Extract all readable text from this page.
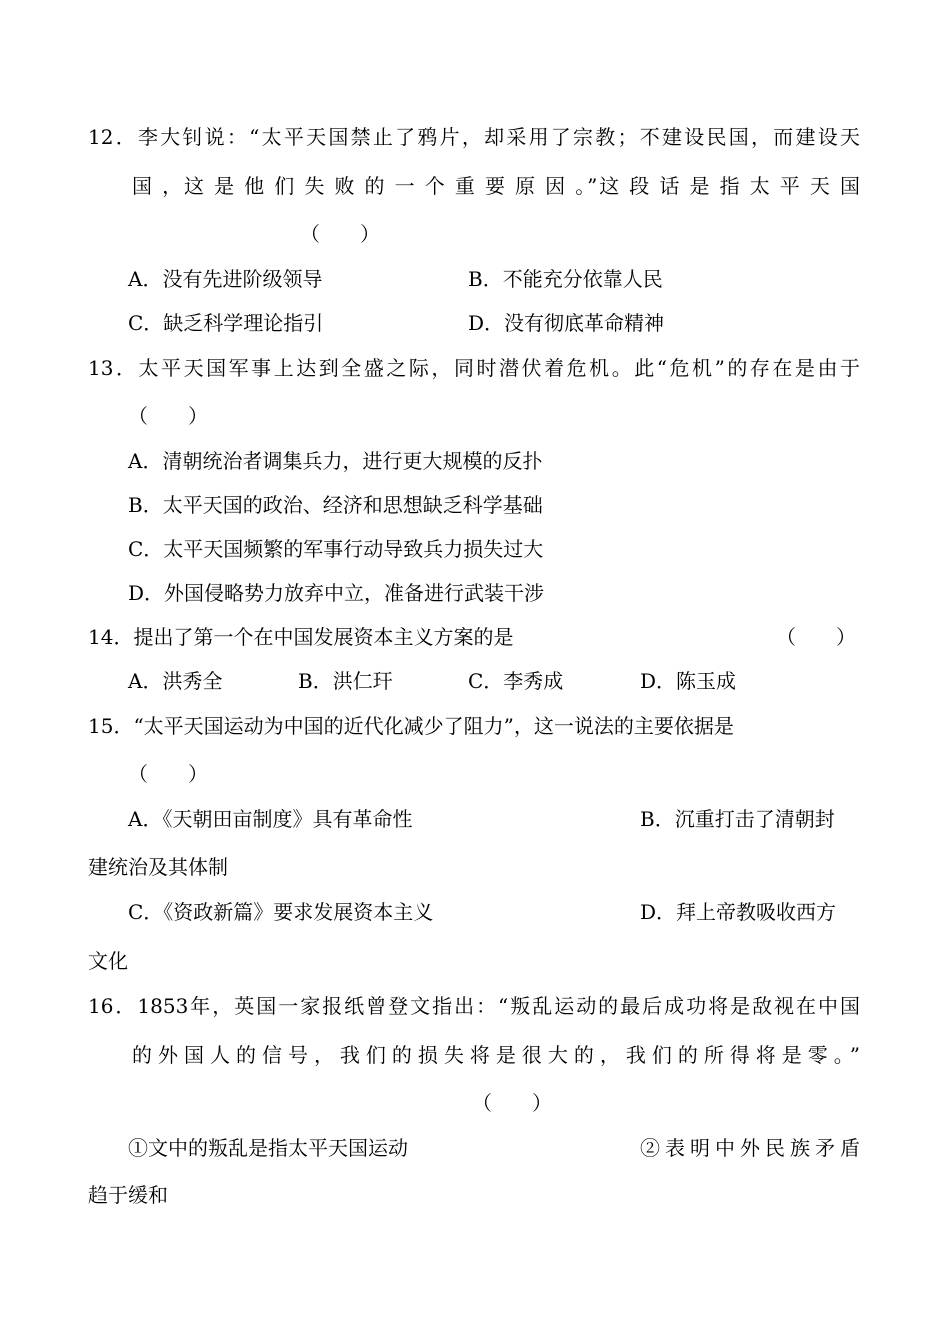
12．李大钊说：“太平天国禁止了鸦片，却采用了宗教；不建设民国，而建设天
国 ，这 是 他 们 失 败 的 一 个 重 要 原 因 。”这 段 话 是 指 太 平 天 国
（　　）
A．没有先进阶级领导	B．不能充分依靠人民
C．缺乏科学理论指引	D．没有彻底革命精神
13．太平天国军事上达到全盛之际，同时潜伏着危机。此“危机”的存在是由于
（　　）
A．清朝统治者调集兵力，进行更大规模的反扑
B．太平天国的政治、经济和思想缺乏科学基础
C．太平天国频繁的军事行动导致兵力损失过大
D．外国侵略势力放弃中立，准备进行武装干涉
14．提出了第一个在中国发展资本主义方案的是	（　　）
A．洪秀全	B．洪仁玕	C．李秀成	D．陈玉成
15．“太平天国运动为中国的近代化减少了阻力”，这一说法的主要依据是
（　　）
A．《天朝田亩制度》具有革命性	B．沉重打击了清朝封
建统治及其体制
C．《资政新篇》要求发展资本主义	D．拜上帝教吸收西方
文化
16．1853年，英国一家报纸曾登文指出：“叛乱运动的最后成功将是敌视在中国
的外国人的信号，我们的损失将是很大的，我们的所得将是零。”
（　　）
①文中的叛乱是指太平天国运动	②表明中外民族矛盾
趋于缓和
